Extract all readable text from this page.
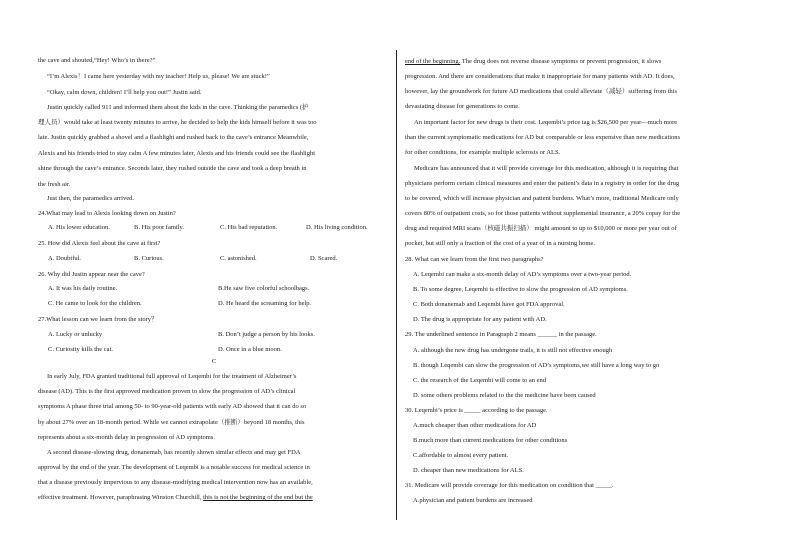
the cave and shouted,“Hey! Who’s in there?”
“I’m Alexis！I came here yesterday with my teacher! Help us, please! We are stuck!”
“Okay, calm down, children! I’ll help you out!” Justin said.
Justin quickly called 911 and informed them about the kids in the cave. Thinking the paramedics (护
理人员）would take at least twenty minutes to arrive, he decided to help the kids himself before it was too
late. Justin quickly grabbed a shovel and a flashlight and rushed back to the cave’s entrance Meanwhile,
Alexis and his friends tried to stay calm A few minutes later, Alexis and his friends could see the flashlight
shine through the cave’s entrance. Seconds later, they rushed outside the cave and took a deep breath in
the fresh air.
Just then, the paramedics arrived.
24.What may lead to Alexis looking down on Justin?
A. His lower education.	B. His poor family.	C. His bad reputation.	D. His living condition.
25. How did Alexis feel about the cave at first?
A. Doubtful.	B. Curious.	C. astonished.	D. Scared.
26. Why did Justin appear near the cave?
A. It was his daily routine.	B.He saw five colorful schoolbags.
C. He came to look for the children.	D. He heard the screaming for help.
27.What lesson can we learn from the story？
A. Lucky or unlucky	B. Don’t judge a person by his looks.
C. Curiosity kills the cat.	D. Once in a blue moon.
C
In early July, FDA granted traditional full approval of Leqembi for the treatment of Alzheimer’s
disease (AD). This is the first approved medication proven to slow the progression of AD’s clinical
symptoms A phase three trial among 50- to 90-year-old patients with early AD showed that it can do so
by about 27% over an 18-month period. While we cannot extrapolate（推断）beyond 18 months, this
represents about a six-month delay in progression of AD symptoms.
A second disease-slowing drug, donanemab, has recently shown similar effects and may get FDA
approval by the end of the year. The development of Leqembi is a notable success for medical science in
that a disease previously impervious to any disease-modifying medical intervention now has an available,
effective treatment. However, paraphrasing Winston Churchill, this is not the beginning of the end but the
end of the beginning. The drug does not reverse disease symptoms or prevent progression, it slows
progression. And there are considerations that make it inappropriate for many patients with AD. It does,
however, lay the groundwork for future AD medications that could alleviate（减轻）suffering from this
devastating disease for generations to come.
An important factor for new drugs is their cost. Leqembi’s price tag is $26,500 per year—much more
than the current symptomatic medications for AD but comparable or less expensive than new medications
for other conditions, for example multiple sclerosis or ALS.
Medicare has announced that it will provide coverage for this medication, although it is requiring that
physicians perform certain clinical measures and enter the patient’s data in a registry in order for the drug
to be covered, which will increase physician and patient burdens. What’s more, traditional Medicare only
covers 80% of outpatient costs, so for those patients without supplemental insurance, a 20% copay for the
drug and required MRI scans（核磁共振扫描） might amount to up to $10,000 or more per year out of
pocket, but still only a fraction of the cost of a year of in a nursing home.
28. What can we learn from the first two paragraphs?
A. Leqembi can make a six-month delay of AD’s symptoms over a two-year period.
B. To some degree, Leqembi is effective to slow the progression of AD symptoms.
C. Both donanemab and Leqembi have got FDA approval.
D. The drug is appropriate for any patient with AD.
29. The underlined sentence in Paragraph 2 means ______ in the passage.
A. although the new drug has undergone trails, it is still not effective enough
B. though Leqembi can slow the progression of AD’s symptoms,we still have a long way to go
C. the research of the Leqembi will come to an end
D. some others problems related to the the medicine have been caused
30. Leqembi’s price is _____ according to the passage.
A.much cheaper than other medications for AD
B.much more than current medications for other conditions
C.affordable to almost every patient.
D. cheaper than new medications for ALS.
31. Medicare will provide coverage for this medication on condition that _____.
A.physician and patient burdens are increased
